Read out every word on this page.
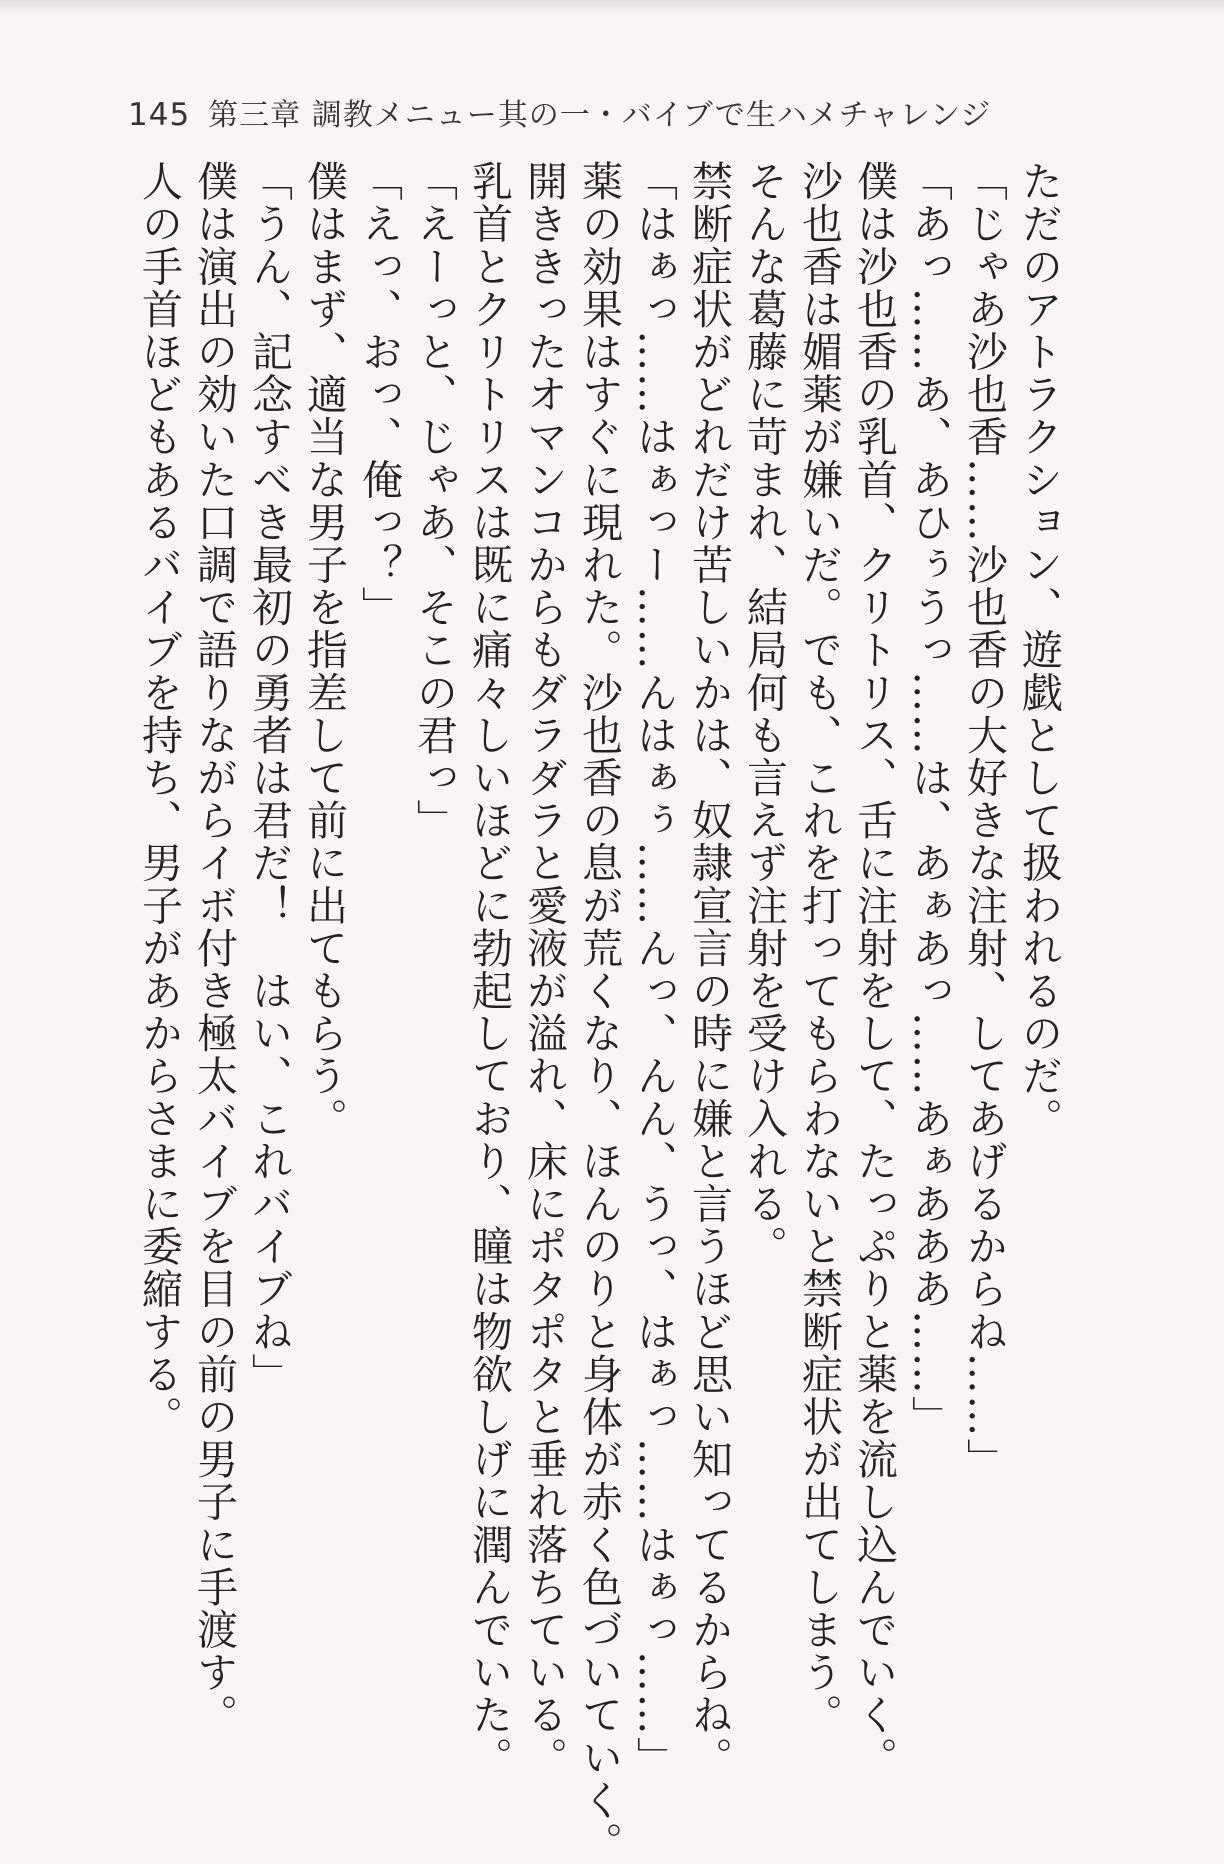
145 第三章 調教メニュー其の一・バイブで生ハメチャレンジ
ただのアトラクション、遊戯として扱われるのだ。
「じゃあ沙也香……沙也香の大好きな注射、してあげるからね……」
「あっ……あ、あひぅうっ……は、あぁあっ……あぁあああ……」
僕は沙也香の乳首、クリトリス、舌に注射をして、たっぷりと薬を流し込んでいく。
沙也香は媚薬が嫌いだ。でも、これを打ってもらわないと禁断症状が出てしまう。
そんな葛藤に苛まれ、結局何も言えず注射を受け入れる。
禁断症状がどれだけ苦しいかは、奴隷宣言の時に嫌と言うほど思い知ってるからね。
「はぁっ……はぁっー……んはぁぅ……んっ、んん、うっ、はぁっ……はぁっ……」
薬の効果はすぐに現れた。沙也香の息が荒くなり、ほんのりと身体が赤く色づいていく。
開ききったオマンコからもダラダラと愛液が溢れ、床にポタポタと垂れ落ちている。
乳首とクリトリスは既に痛々しいほどに勃起しており、瞳は物欲しげに潤んでいた。
「えーっと、じゃあ、そこの君っ」
「えっ、おっ、俺っ？」
僕はまず、適当な男子を指差して前に出てもらう。
「うん、記念すべき最初の勇者は君だ！　はい、これバイブね」
僕は演出の効いた口調で語りながらイボ付き極太バイブを目の前の男子に手渡す。
人の手首ほどもあるバイブを持ち、男子があからさまに委縮する。
